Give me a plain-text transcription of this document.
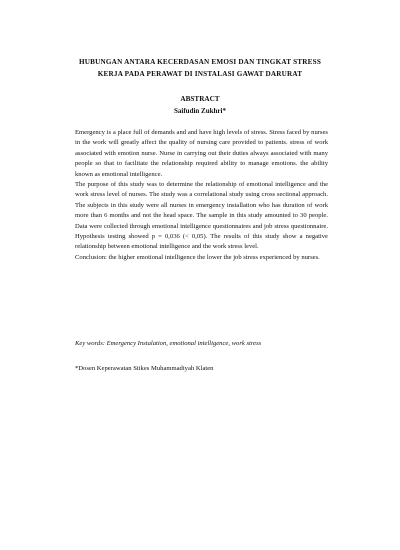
HUBUNGAN ANTARA KECERDASAN EMOSI DAN TINGKAT STRESS
KERJA PADA PERAWAT DI INSTALASI GAWAT DARURAT
ABSTRACT
Saifudin Zukhri*

Emergency is a place full of demands and and have high levels of stress. Stress faced by nurses in the work will greatly affect the quality of nursing care provided to patients. stress of work associated with emotion nurse. Nurse in carrying out their duties always associated with many people so that to facilitate the relationship required ability to manage emotions. the ability known as emotional intelligence.

The purpose of this study was to determine the relationship of emotional intelligence and the work stress level of nurses. The study was a correlational study using cross sectional approach. The subjects in this study were all nurses in emergency installation who has duration of work more than 6 months and not the head space. The sample in this study amounted to 30 people. Data were collected through emotional intelligence questionnaires and job stress questionnaire. Hypothesis testing showed p = 0,036 (< 0,05). The results of this study show a negative relationship between emotional intelligence and the work stress level.

Conclusion: the higher emotional intelligence the lower the job stress experienced by nurses.

Key words: Emergency Instalation, emotional intelligence, work stress
*Dosen Keperawatan Stikes Muhammadiyah Klaten
